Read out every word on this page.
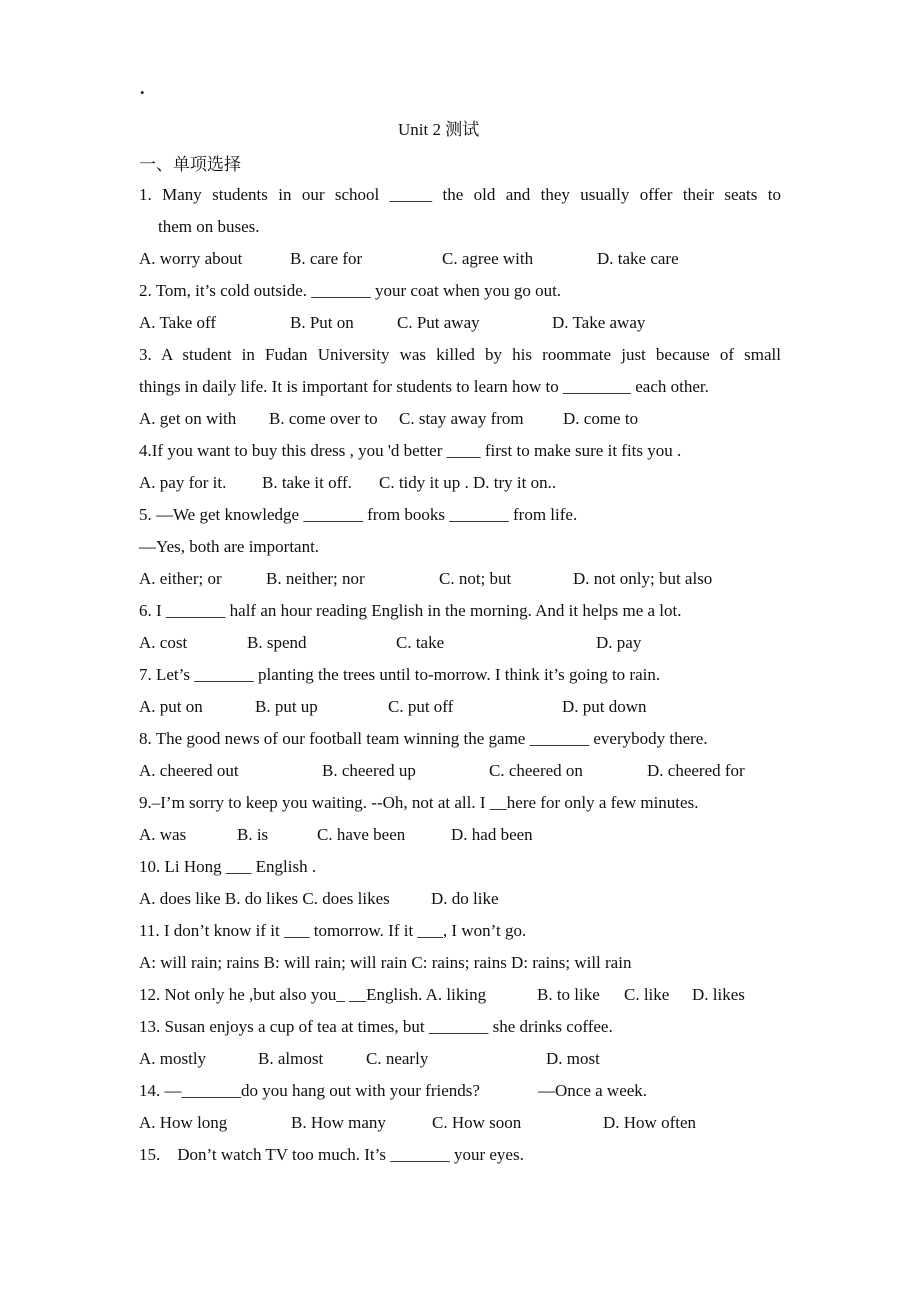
.
Unit 2 测试
一、单项选择
1. Many students in our school _____ the old and they usually offer their seats to
them on buses.
A. worry about	B. care for	C. agree with	D. take care
2. Tom, it’s cold outside. _______ your coat when you go out.
A. Take off	B. Put on	C. Put away	D. Take away
3. A student in Fudan University was killed by his roommate just because of small
things in daily life. It is important for students to learn how to ________ each other.
A. get on with B. come over to C. stay away from D. come to
4.If you want to buy this dress , you 'd better ____ first to make sure it fits you .
A. pay for it. B. take it off. C. tidy it up . D. try it on..
5. —We get knowledge _______ from books _______ from life.
—Yes, both are important.
A. either; or	B. neither; nor	C. not; but	D. not only; but also
6. I _______ half an hour reading English in the morning. And it helps me a lot.
A. cost	B. spend	C. take	D. pay
7. Let’s _______ planting the trees until to-morrow. I think it’s going to rain.
A. put on	B. put up	C. put off	D. put down
8. The good news of our football team winning the game _______ everybody there.
A. cheered out	B. cheered up	C. cheered on	D. cheered for
9.–I’m sorry to keep you waiting. --Oh, not at all. I __here for only a few minutes.
A. was	B. is	C. have been	D. had been
10. Li Hong ___ English .
A. does like B. do likes C. does likes D. do like
11. I don’t know if it ___ tomorrow. If it ___, I won’t go.
A: will rain; rains B: will rain; will rain C: rains; rains D: rains; will rain
12. Not only he ,but also you_ __English. A. liking	B. to like C. like D. likes
13. Susan enjoys a cup of tea at times, but _______ she drinks coffee.
A. mostly	B. almost	C. nearly	D. most
14. —_______do you hang out with your friends?	—Once a week.
A. How long	B. How many	C. How soon	D. How often
15.    Don’t watch TV too much. It’s _______ your eyes.
